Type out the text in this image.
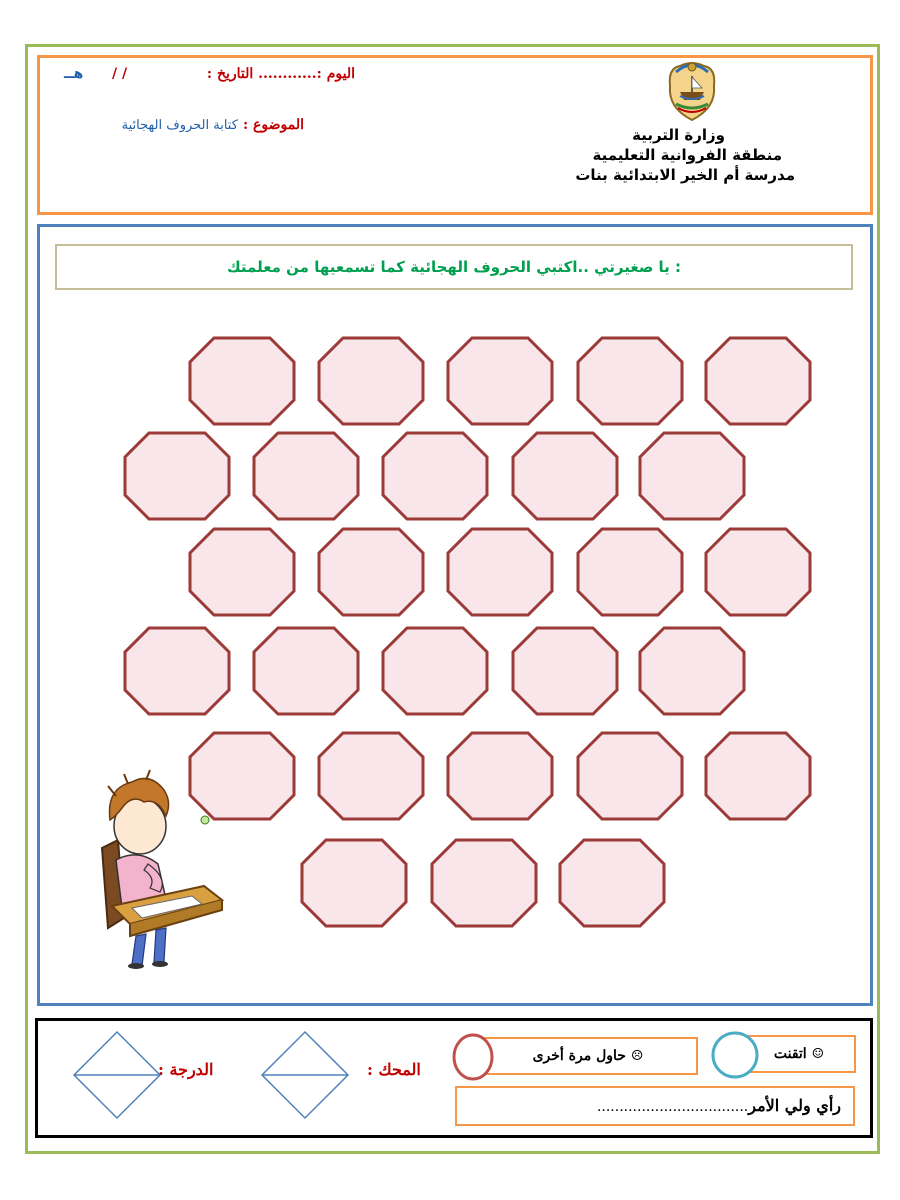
اليوم :............ التاريخ :
/ /
هــ
الموضوع : كتابة الحروف الهجائية
وزارة التربية
منطقة الفروانية التعليمية
مدرسة أم الخير الابتدائية بنات
يا صغيرتي ..اكتبي الحروف الهجائية كما تسمعيها من معلمتك :
اتقنت ☺
حاول مرة أخرى ☹
رأي ولي الأمر..................................
المحك :
الدرجة :
